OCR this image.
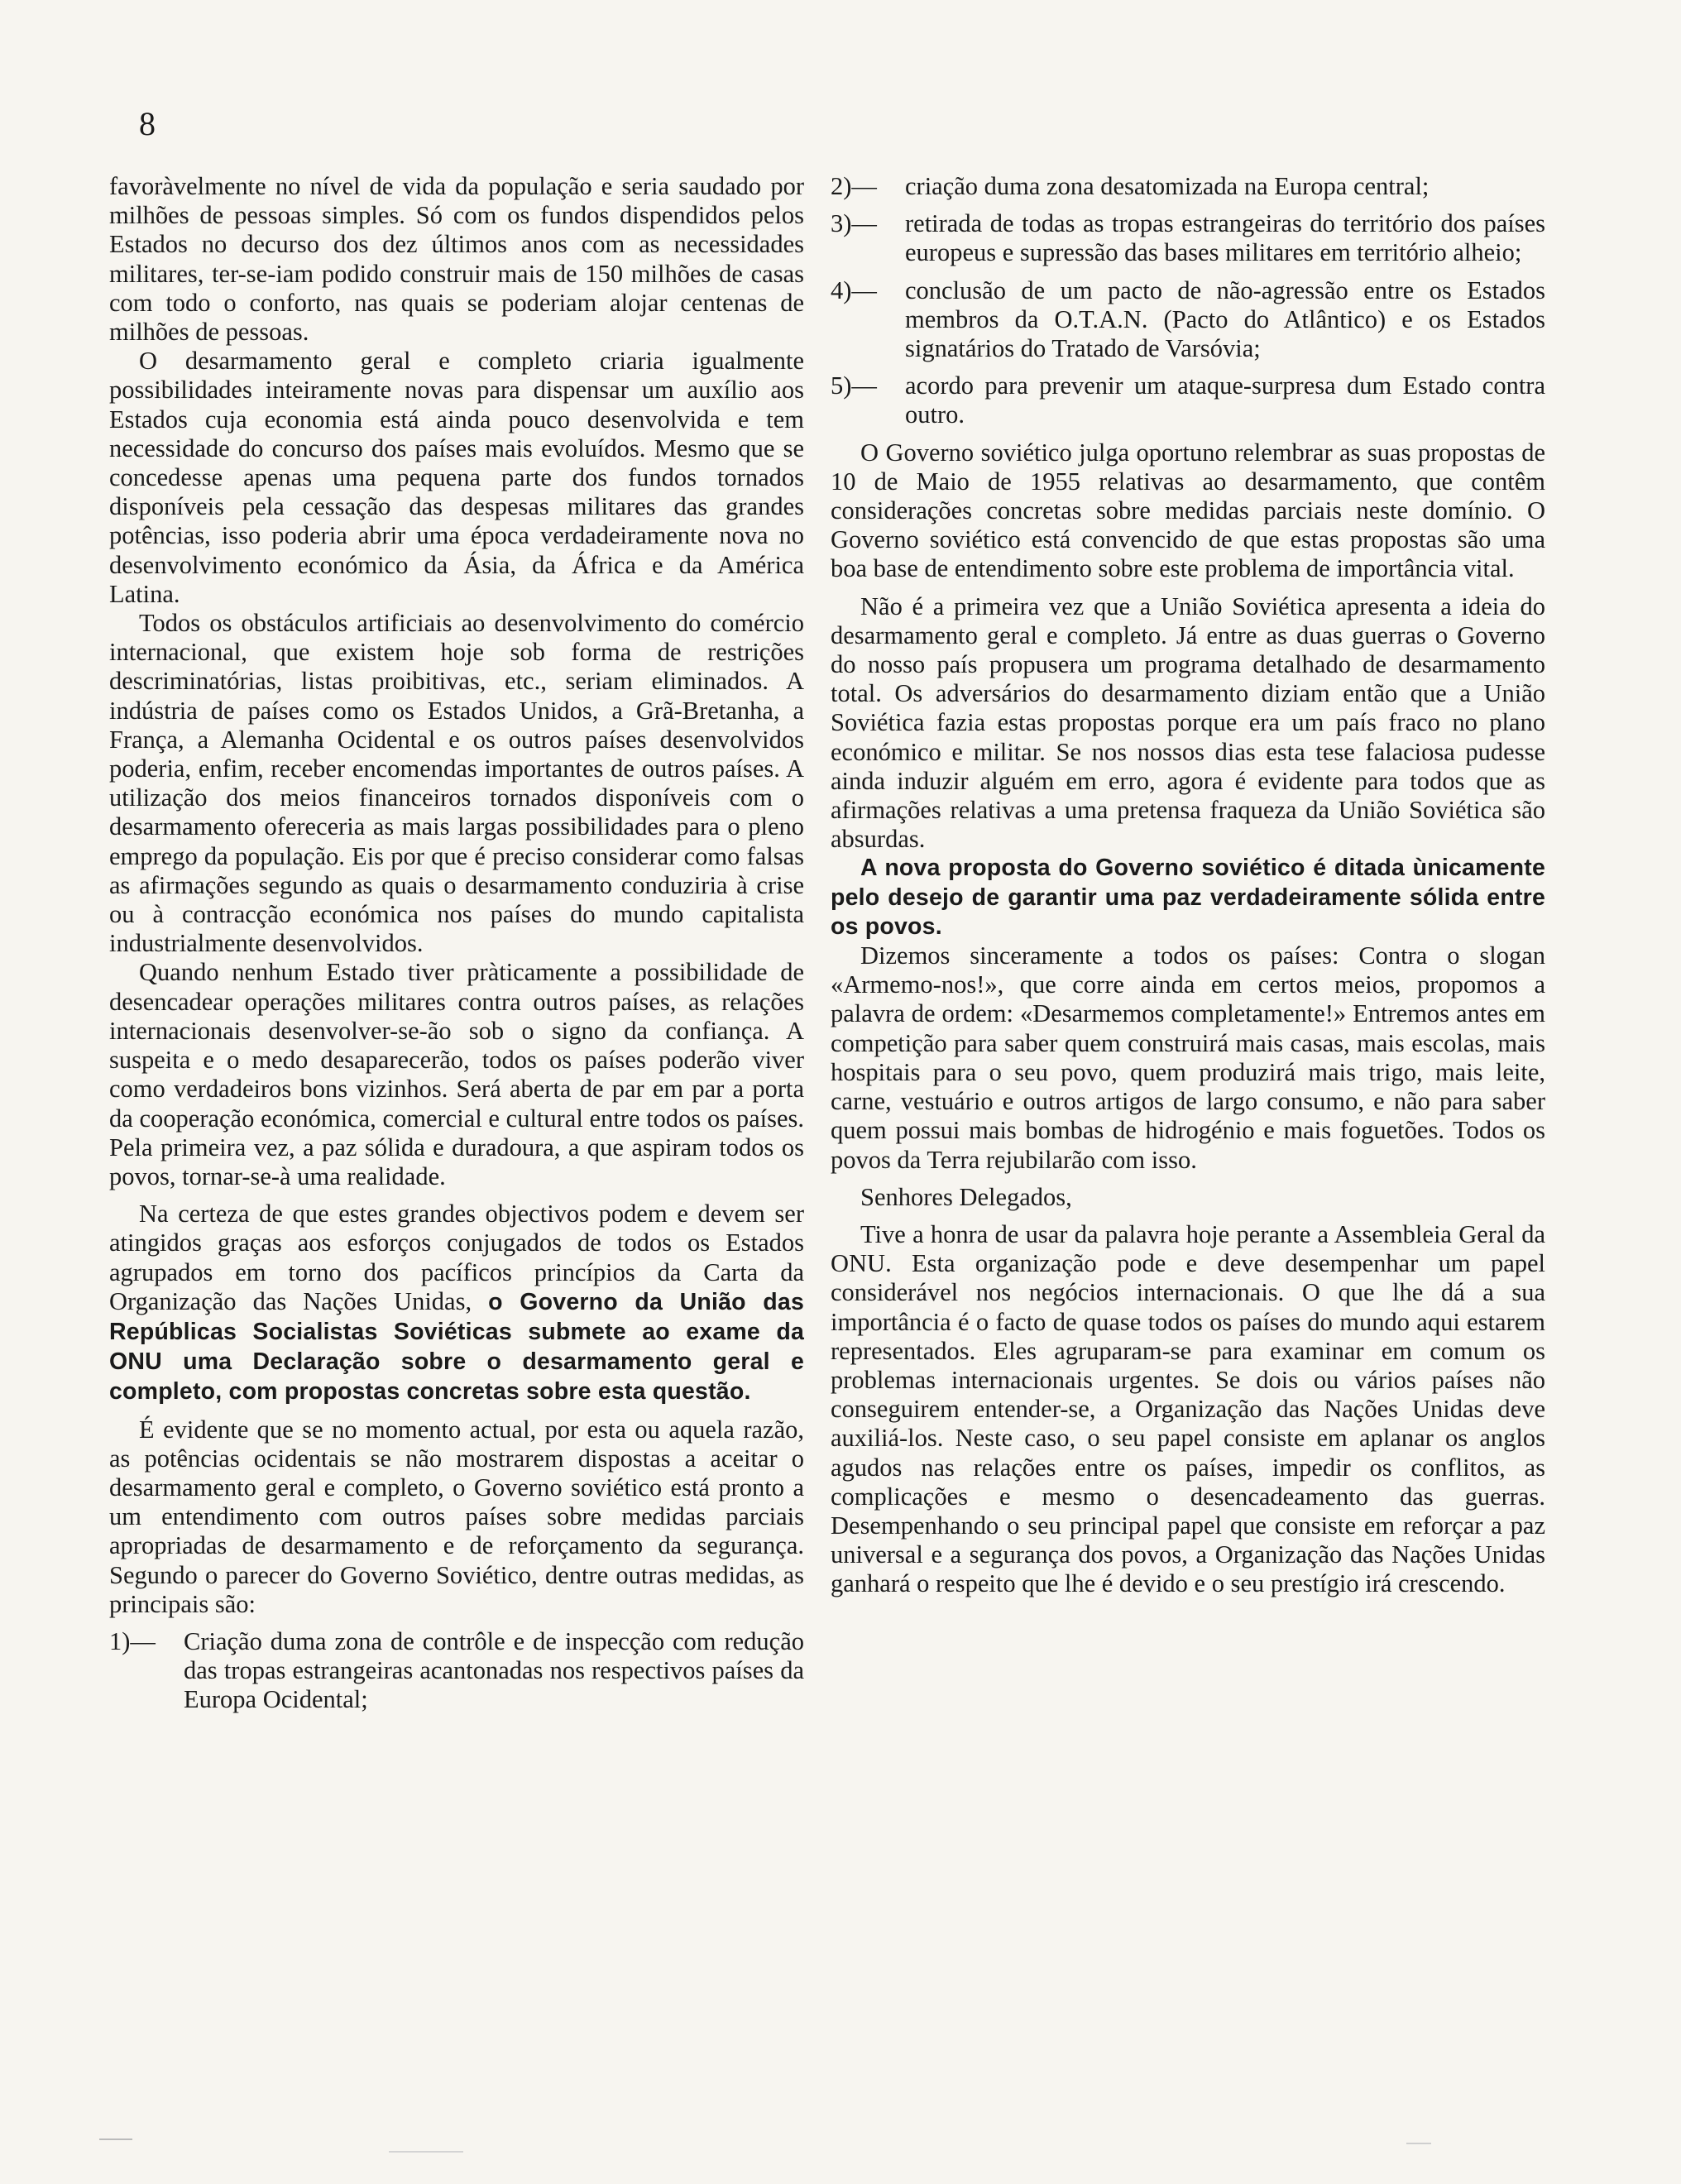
8

favoràvelmente no nível de vida da população e seria saudado por milhões de pessoas simples. Só com os fundos dispendidos pelos Estados no decurso dos dez últimos anos com as necessidades militares, ter-se-iam podido construir mais de 150 milhões de casas com todo o conforto, nas quais se poderiam alojar centenas de milhões de pessoas.

O desarmamento geral e completo criaria igualmente possibilidades inteiramente novas para dispensar um auxílio aos Estados cuja economia está ainda pouco desenvolvida e tem necessidade do concurso dos países mais evoluídos. Mesmo que se concedesse apenas uma pequena parte dos fundos tornados disponíveis pela cessação das despesas militares das grandes potências, isso poderia abrir uma época verdadeiramente nova no desenvolvimento económico da Ásia, da África e da América Latina.

Todos os obstáculos artificiais ao desenvolvimento do comércio internacional, que existem hoje sob forma de restrições descriminatórias, listas proibitivas, etc., seriam eliminados. A indústria de países como os Estados Unidos, a Grã-Bretanha, a França, a Alemanha Ocidental e os outros países desenvolvidos poderia, enfim, receber encomendas importantes de outros países. A utilização dos meios financeiros tornados disponíveis com o desarmamento ofereceria as mais largas possibilidades para o pleno emprego da população. Eis por que é preciso considerar como falsas as afirmações segundo as quais o desarmamento conduziria à crise ou à contracção económica nos países do mundo capitalista industrialmente desenvolvidos.

Quando nenhum Estado tiver pràticamente a possibilidade de desencadear operações militares contra outros países, as relações internacionais desenvolver-se-ão sob o signo da confiança. A suspeita e o medo desaparecerão, todos os países poderão viver como verdadeiros bons vizinhos. Será aberta de par em par a porta da cooperação económica, comercial e cultural entre todos os países. Pela primeira vez, a paz sólida e duradoura, a que aspiram todos os povos, tornar-se-à uma realidade.

Na certeza de que estes grandes objectivos podem e devem ser atingidos graças aos esforços conjugados de todos os Estados agrupados em torno dos pacíficos princípios da Carta da Organização das Nações Unidas, o Governo da União das Repúblicas Socialistas Soviéticas submete ao exame da ONU uma Declaração sobre o desarmamento geral e completo, com propostas concretas sobre esta questão.

É evidente que se no momento actual, por esta ou aquela razão, as potências ocidentais se não mostrarem dispostas a aceitar o desarmamento geral e completo, o Governo soviético está pronto a um entendimento com outros países sobre medidas parciais apropriadas de desarmamento e de reforçamento da segurança. Segundo o parecer do Governo Soviético, dentre outras medidas, as principais são:

1)—	Criação duma zona de contrôle e de inspecção com redução das tropas estrangeiras acantonadas nos respectivos países da Europa Ocidental;
2)—	criação duma zona desatomizada na Europa central;
3)—	retirada de todas as tropas estrangeiras do território dos países europeus e supressão das bases militares em território alheio;
4)—	conclusão de um pacto de não-agressão entre os Estados membros da O.T.A.N. (Pacto do Atlântico) e os Estados signatários do Tratado de Varsóvia;
5)—	acordo para prevenir um ataque-surpresa dum Estado contra outro.

O Governo soviético julga oportuno relembrar as suas propostas de 10 de Maio de 1955 relativas ao desarmamento, que contêm considerações concretas sobre medidas parciais neste domínio. O Governo soviético está convencido de que estas propostas são uma boa base de entendimento sobre este problema de importância vital.

Não é a primeira vez que a União Soviética apresenta a ideia do desarmamento geral e completo. Já entre as duas guerras o Governo do nosso país propusera um programa detalhado de desarmamento total. Os adversários do desarmamento diziam então que a União Soviética fazia estas propostas porque era um país fraco no plano económico e militar. Se nos nossos dias esta tese falaciosa pudesse ainda induzir alguém em erro, agora é evidente para todos que as afirmações relativas a uma pretensa fraqueza da União Soviética são absurdas.

A nova proposta do Governo soviético é ditada ùnicamente pelo desejo de garantir uma paz verdadeiramente sólida entre os povos.

Dizemos sinceramente a todos os países: Contra o slogan «Armemo-nos!», que corre ainda em certos meios, propomos a palavra de ordem: «Desarmemos completamente!» Entremos antes em competição para saber quem construirá mais casas, mais escolas, mais hospitais para o seu povo, quem produzirá mais trigo, mais leite, carne, vestuário e outros artigos de largo consumo, e não para saber quem possui mais bombas de hidrogénio e mais foguetões. Todos os povos da Terra rejubilarão com isso.

Senhores Delegados,

Tive a honra de usar da palavra hoje perante a Assembleia Geral da ONU. Esta organização pode e deve desempenhar um papel considerável nos negócios internacionais. O que lhe dá a sua importância é o facto de quase todos os países do mundo aqui estarem representados. Eles agruparam-se para examinar em comum os problemas internacionais urgentes. Se dois ou vários países não conseguirem entender-se, a Organização das Nações Unidas deve auxiliá-los. Neste caso, o seu papel consiste em aplanar os anglos agudos nas relações entre os países, impedir os conflitos, as complicações e mesmo o desencadeamento das guerras. Desempenhando o seu principal papel que consiste em reforçar a paz universal e a segurança dos povos, a Organização das Nações Unidas ganhará o respeito que lhe é devido e o seu prestígio irá crescendo.
